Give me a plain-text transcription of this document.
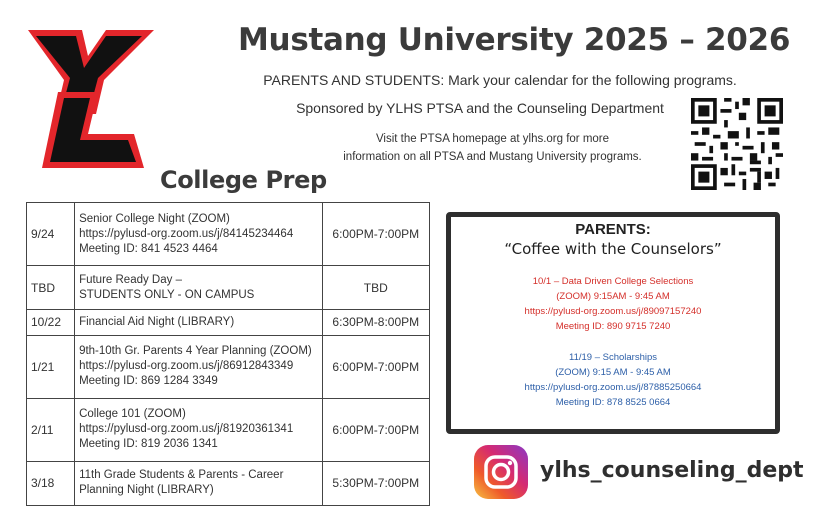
Mustang University 2025 – 2026
PARENTS AND STUDENTS: Mark your calendar for the following programs.
Sponsored by YLHS PTSA and the Counseling Department
Visit the PTSA homepage at ylhs.org for more
information on all PTSA and Mustang University programs.
College Prep
9/24	Senior College Night (ZOOM)
https://pylusd-org.zoom.us/j/84145234464
Meeting ID: 841 4523 4464	6:00PM-7:00PM
TBD	Future Ready Day –
STUDENTS ONLY - ON CAMPUS	TBD
10/22	Financial Aid Night (LIBRARY)	6:30PM-8:00PM
1/21	9th-10th Gr. Parents 4 Year Planning (ZOOM)
https://pylusd-org.zoom.us/j/86912843349
Meeting ID: 869 1284 3349	6:00PM-7:00PM
2/11	College 101 (ZOOM)
https://pylusd-org.zoom.us/j/81920361341
Meeting ID: 819 2036 1341	6:00PM-7:00PM
3/18	11th Grade Students & Parents - Career
Planning Night (LIBRARY)	5:30PM-7:00PM
PARENTS:
“Coffee with the Counselors”
10/1 – Data Driven College Selections
(ZOOM) 9:15AM - 9:45 AM
https://pylusd-org.zoom.us/j/89097157240
Meeting ID: 890 9715 7240
11/19 – Scholarships
(ZOOM) 9:15 AM - 9:45 AM
https://pylusd-org.zoom.us/j/87885250664
Meeting ID: 878 8525 0664
ylhs_counseling_dept
